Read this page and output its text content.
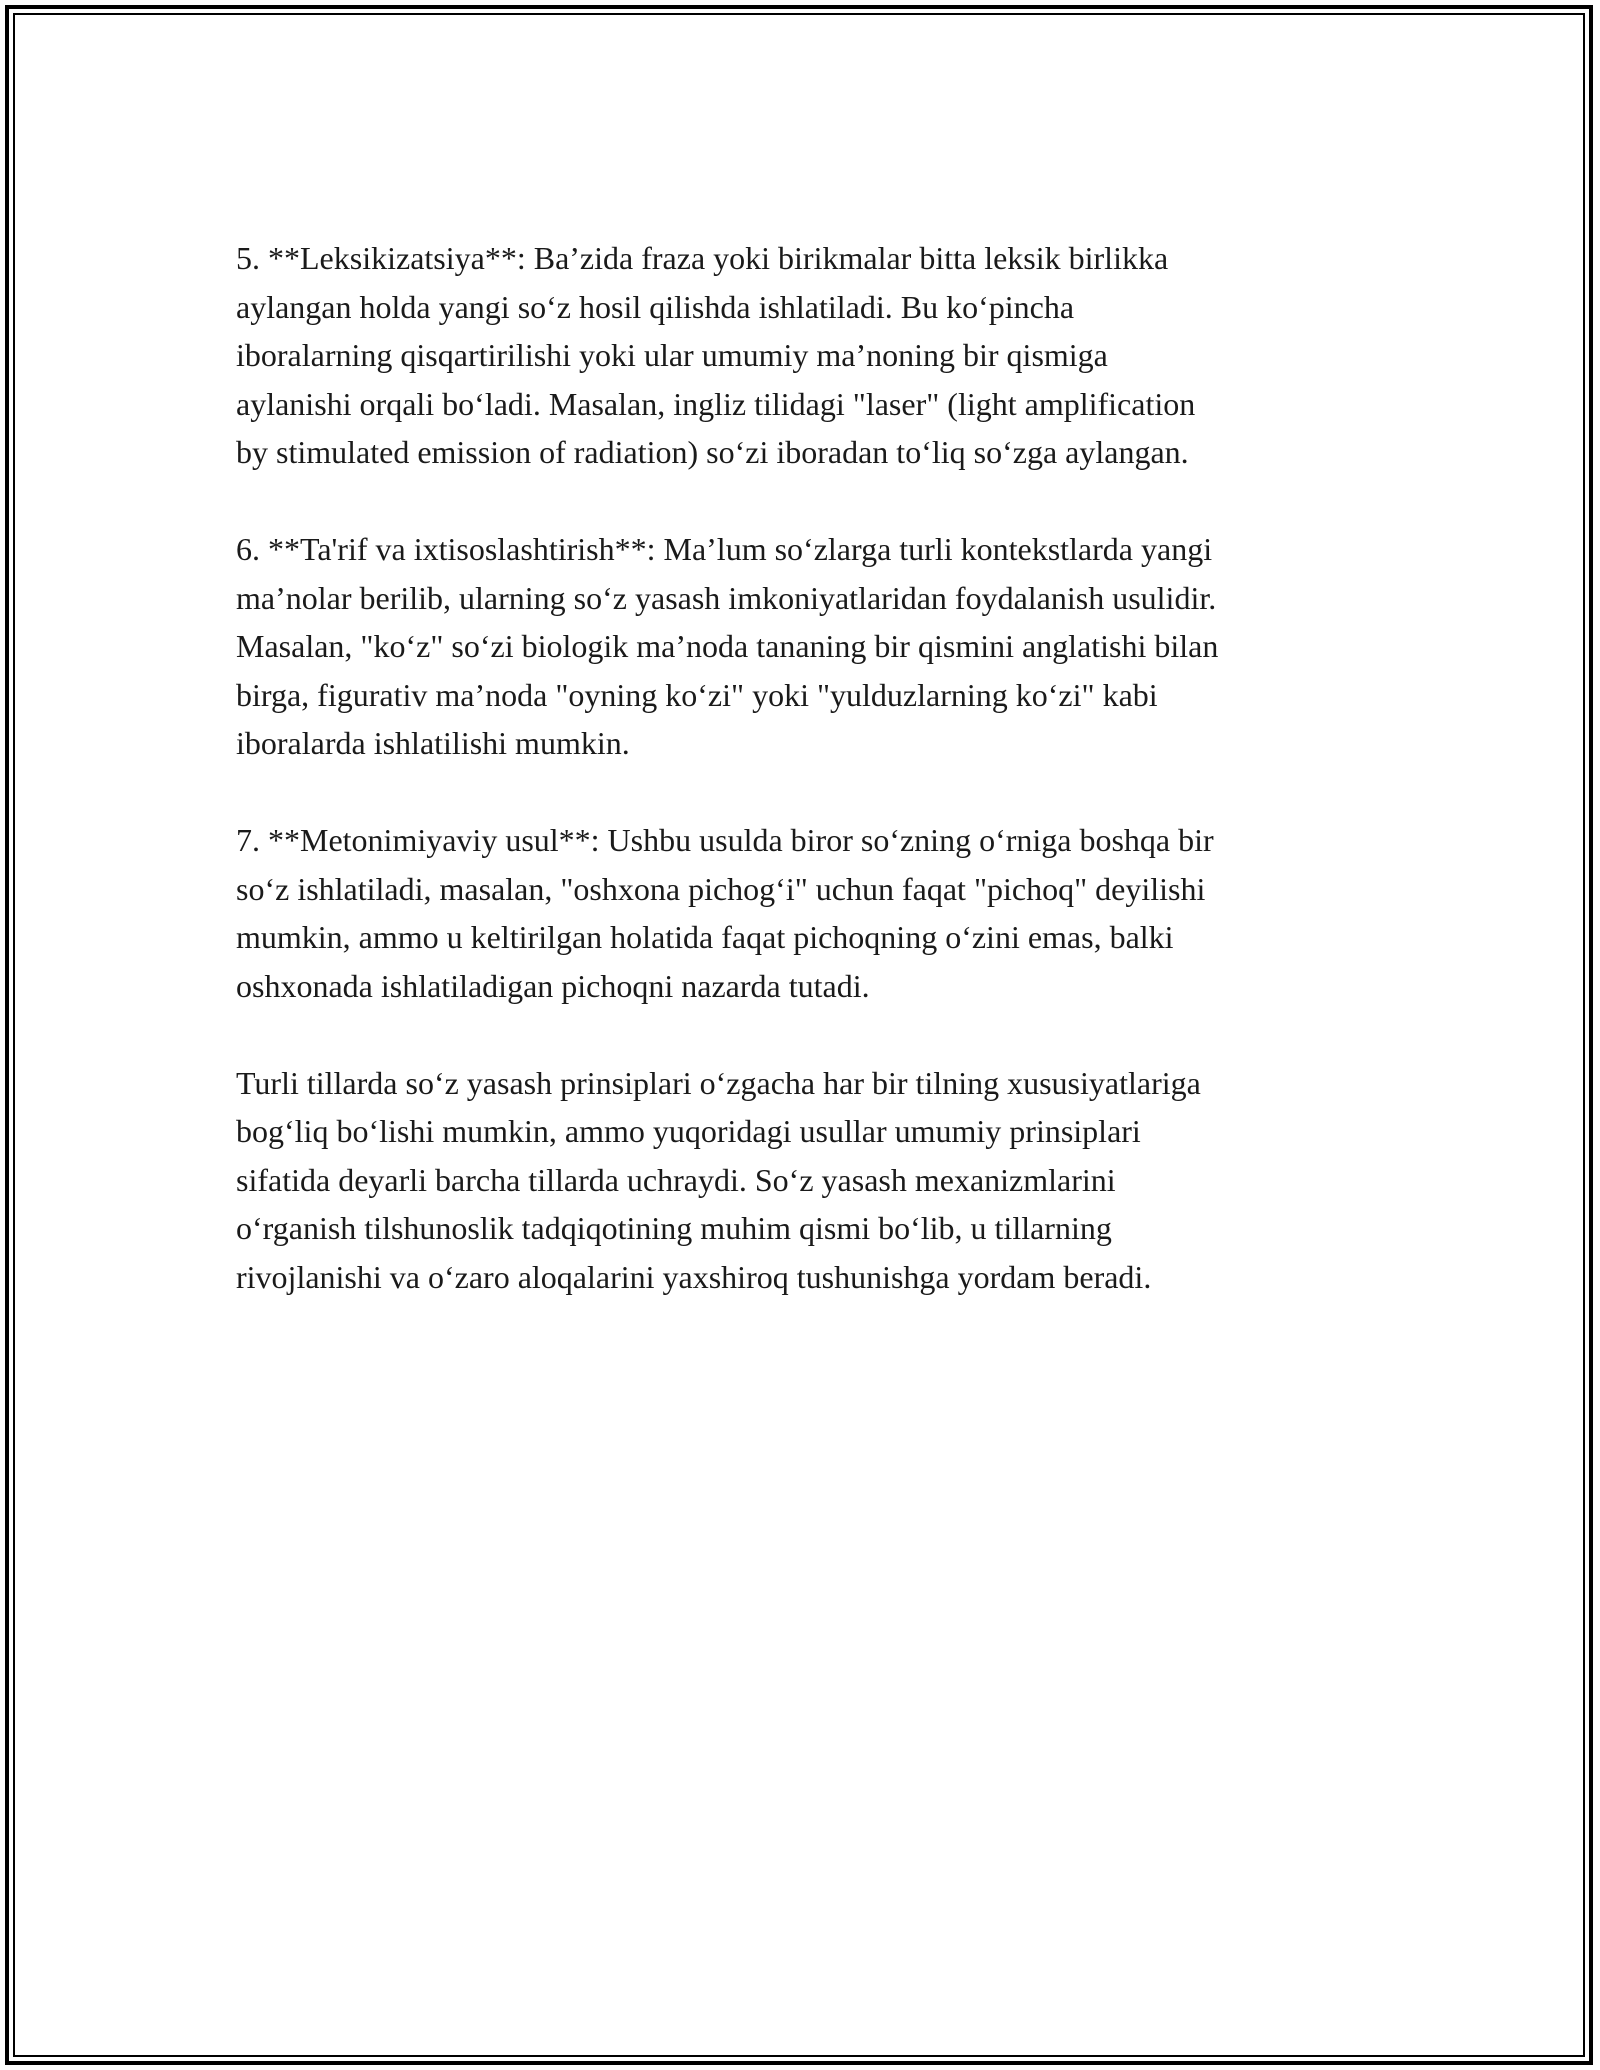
5. **Leksikizatsiya**: Ba’zida fraza yoki birikmalar bitta leksik birlikka
aylangan holda yangi so‘z hosil qilishda ishlatiladi. Bu ko‘pincha
iboralarning qisqartirilishi yoki ular umumiy ma’noning bir qismiga
aylanishi orqali bo‘ladi. Masalan, ingliz tilidagi "laser" (light amplification
by stimulated emission of radiation) so‘zi iboradan to‘liq so‘zga aylangan.
6. **Ta'rif va ixtisoslashtirish**: Ma’lum so‘zlarga turli kontekstlarda yangi
ma’nolar berilib, ularning so‘z yasash imkoniyatlaridan foydalanish usulidir.
Masalan, "ko‘z" so‘zi biologik ma’noda tananing bir qismini anglatishi bilan
birga, figurativ ma’noda "oyning ko‘zi" yoki "yulduzlarning ko‘zi" kabi
iboralarda ishlatilishi mumkin.
7. **Metonimiyaviy usul**: Ushbu usulda biror so‘zning o‘rniga boshqa bir
so‘z ishlatiladi, masalan, "oshxona pichog‘i" uchun faqat "pichoq" deyilishi
mumkin, ammo u keltirilgan holatida faqat pichoqning o‘zini emas, balki
oshxonada ishlatiladigan pichoqni nazarda tutadi.
Turli tillarda so‘z yasash prinsiplari o‘zgacha har bir tilning xususiyatlariga
bog‘liq bo‘lishi mumkin, ammo yuqoridagi usullar umumiy prinsiplari
sifatida deyarli barcha tillarda uchraydi. So‘z yasash mexanizmlarini
o‘rganish tilshunoslik tadqiqotining muhim qismi bo‘lib, u tillarning
rivojlanishi va o‘zaro aloqalarini yaxshiroq tushunishga yordam beradi.
